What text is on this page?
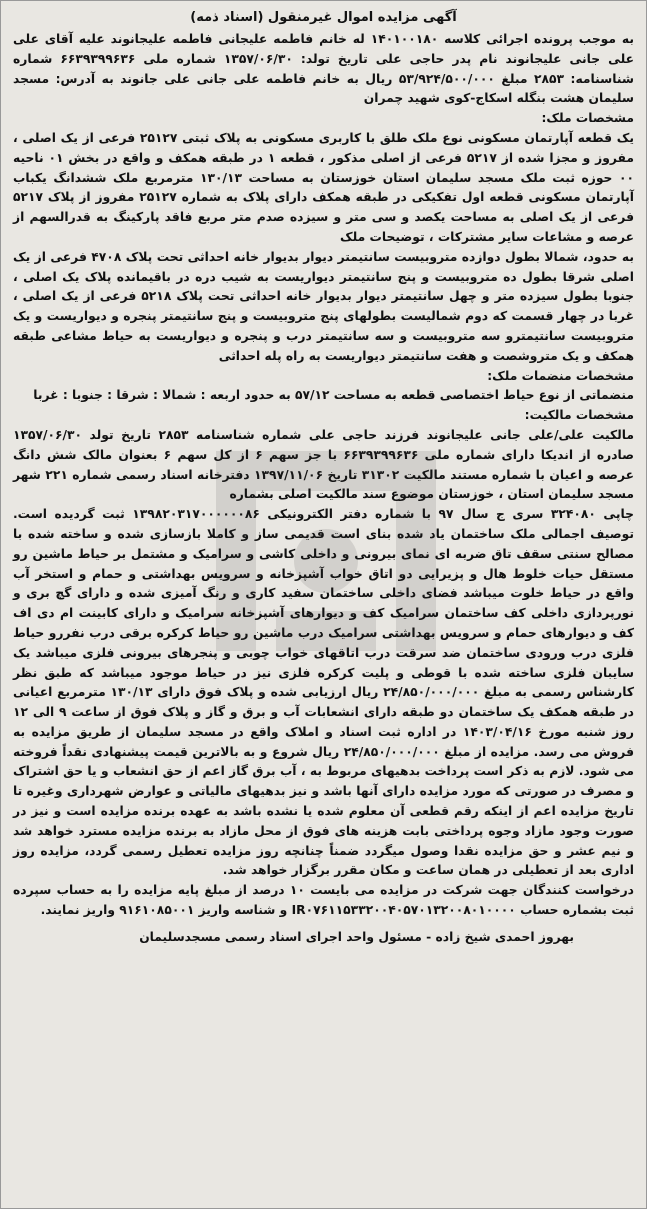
آگهی مزایده اموال غیرمنقول (اسناد ذمه)

به موجب پرونده اجرائی کلاسه ۱۴۰۱۰۰۱۸۰ له خانم فاطمه علیجانی فاطمه علیجانوند علیه آقای علی علی جانی علیجانوند نام پدر حاجی علی تاریخ تولد: ۱۳۵۷/۰۶/۳۰ شماره ملی ۶۶۳۹۳۹۹۶۳۶ شماره شناسنامه: ۲۸۵۳ مبلغ ۵۳/۹۲۴/۵۰۰/۰۰۰ ریال به خانم فاطمه علی جانی علی جانوند به آدرس: مسجد سلیمان هشت بنگله اسکاج-کوی شهید چمران

مشخصات ملک:

یک قطعه آپارتمان مسکونی نوع ملک طلق با کاربری مسکونی به پلاک ثبتی ۲۵۱۲۷ فرعی از یک اصلی ، مفروز و مجزا شده از ۵۲۱۷ فرعی از اصلی مذکور ، قطعه ۱ در طبقه همکف و واقع در بخش ۰۱ ناحیه ۰۰ حوزه ثبت ملک مسجد سلیمان استان خوزستان به مساحت ۱۳۰/۱۳ مترمربع ملک ششدانگ یکباب آپارتمان مسکونی قطعه اول تفکیکی در طبقه همکف دارای پلاک به شماره ۲۵۱۲۷ مفروز از پلاک ۵۲۱۷ فرعی از یک اصلی به مساحت یکصد و سی متر و سیزده صدم متر مربع فاقد پارکینگ به قدرالسهم از عرصه و مشاعات سایر مشترکات ، توضیحات ملک

به حدود، شمالا بطول دوازده متروبیست سانتیمتر دیوار بدیوار خانه احداثی تحت پلاک ۴۷۰۸ فرعی از یک اصلی شرقا بطول ده متروبیست و پنج سانتیمتر دیواریست به شیب دره در باقیمانده پلاک یک اصلی ، جنوبا بطول سیزده متر و چهل سانتیمتر دیوار بدیوار خانه احداثی تحت پلاک ۵۲۱۸ فرعی از یک اصلی ، غربا در چهار قسمت که دوم شمالیست بطولهای پنج متروبیست و پنج سانتیمتر پنجره و دیواریست و یک متروبیست سانتیمترو سه متروبیست و سه سانتیمتر درب و پنجره و دیواریست به حیاط مشاعی طبقه همکف و یک متروشصت و هفت سانتیمتر دیواریست به راه پله احداثی

مشخصات منضمات ملک:

منضماتی از نوع حیاط اختصاصی قطعه به مساحت ۵۷/۱۲ به حدود اربعه : شمالا : شرقا : جنوبا : غربا

مشخصات مالکیت:

مالکیت علی/علی جانی علیجانوند فرزند حاجی علی شماره شناسنامه ۲۸۵۳ تاریخ تولد ۱۳۵۷/۰۶/۳۰ صادره از اندیکا دارای شماره ملی ۶۶۳۹۳۹۹۶۳۶ با جز سهم ۶ از کل سهم ۶ بعنوان مالک شش دانگ عرصه و اعیان با شماره مستند مالکیت ۳۱۳۰۲ تاریخ ۱۳۹۷/۱۱/۰۶ دفترخانه اسناد رسمی شماره ۲۲۱ شهر مسجد سلیمان استان ، خوزستان موضوع سند مالکیت اصلی بشماره

چاپی ۳۲۴۰۸۰ سری ج سال ۹۷ با شماره دفتر الکترونیکی ۱۳۹۸۲۰۳۱۷۰۰۰۰۰۰۸۶ ثبت گردیده است. توصیف اجمالی ملک ساختمان یاد شده بنای است قدیمی ساز و کاملا بازسازی شده و ساخته شده با مصالح سنتی سقف تاق ضربه ای نمای بیرونی و داخلی کاشی و سرامیک و مشتمل بر حیاط ماشین رو مستقل حیات خلوط هال و پزیرایی دو اتاق خواب آشپزخانه و سرویس بهداشتی و حمام و استخر آب واقع در حیاط خلوت میباشد فضای داخلی ساختمان سفید کاری و رنگ آمیزی شده و دارای گچ بری و نورپردازی داخلی کف ساختمان سرامیک کف و دیوارهای آشپزخانه سرامیک و دارای کابینت ام دی اف کف و دیوارهای حمام و سرویس بهداشتی سرامیک درب ماشین رو حیاط کرکره برقی درب نفررو حیاط فلزی درب ورودی ساختمان ضد سرقت درب اتاقهای خواب چوبی و پنجرهای بیرونی فلزی میباشد یک سایبان فلزی ساخته شده با قوطی و پلیت کرکره فلزی نیز در حیاط موجود میباشد که طبق نظر کارشناس رسمی به مبلغ ۲۴/۸۵۰/۰۰۰/۰۰۰ ریال ارزیابی شده و پلاک فوق دارای ۱۳۰/۱۳ مترمربع اعیانی در طبقه همکف یک ساختمان دو طبقه دارای انشعابات آب و برق و گاز و پلاک فوق از ساعت ۹ الی ۱۲ روز شنبه مورخ ۱۴۰۳/۰۴/۱۶ در اداره ثبت اسناد و املاک واقع در مسجد سلیمان از طریق مزایده به فروش می رسد. مزایده از مبلغ ۲۴/۸۵۰/۰۰۰/۰۰۰ ریال شروع و به بالاترین قیمت پیشنهادی نقداً فروخته می شود. لازم به ذکر است پرداخت بدهیهای مربوط به ، آب برق گاز اعم از حق انشعاب و یا حق اشتراک و مصرف در صورتی که مورد مزایده دارای آنها باشد و نیز بدهیهای مالیاتی و عوارض شهرداری وغیره تا تاریخ مزایده اعم از اینکه رقم قطعی آن معلوم شده یا نشده باشد به عهده برنده مزایده است و نیز در صورت وجود مازاد وجوه پرداختی بابت هزینه های فوق از محل مازاد به برنده مزایده مسترد خواهد شد و نیم عشر و حق مزایده نقدا وصول میگردد ضمناً چنانچه روز مزایده تعطیل رسمی گردد، مزایده روز اداری بعد از تعطیلی در همان ساعت و مکان مقرر برگزار خواهد شد.

درخواست کنندگان جهت شرکت در مزایده می بایست ۱۰ درصد از مبلغ پایه مزایده را به حساب سپرده ثبت بشماره حساب IR۰۷۶۱۱۵۳۳۲۰۰۴۰۵۷۰۱۳۲۰۰۸۰۱۰۰۰۰ و شناسه واریز ۹۱۶۱۰۸۵۰۰۱ واریز نمایند.

بهروز احمدی شیخ زاده - مسئول واحد اجرای اسناد رسمی مسجدسلیمان
